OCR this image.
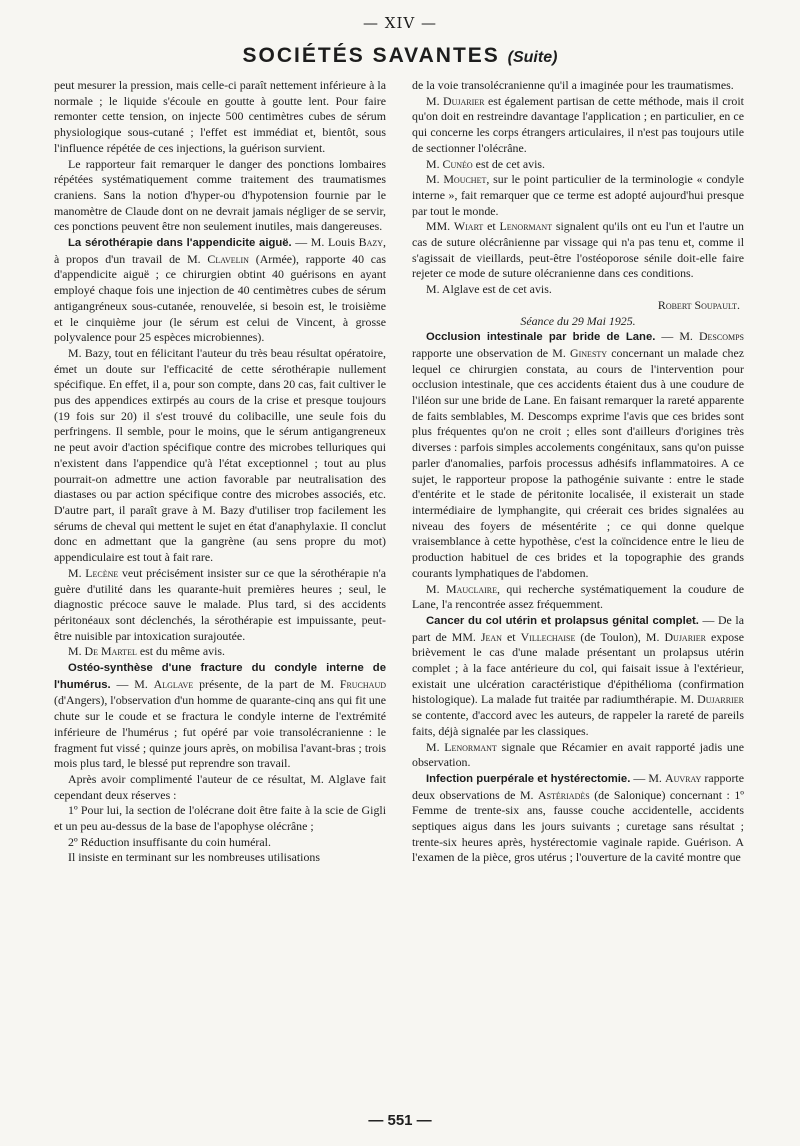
— XIV —
SOCIÉTÉS SAVANTES (Suite)

peut mesurer la pression, mais celle-ci paraît nettement inférieure à la normale ; le liquide s'écoule en goutte à goutte lent. Pour faire remonter cette tension, on injecte 500 centimètres cubes de sérum physiologique sous-cutané ; l'effet est immédiat et, bientôt, sous l'influence répétée de ces injections, la guérison survient.

Le rapporteur fait remarquer le danger des ponctions lombaires répétées systématiquement comme traitement des traumatismes craniens. Sans la notion d'hyper-ou d'hypotension fournie par le manomètre de Claude dont on ne devrait jamais négliger de se servir, ces ponctions peuvent être non seulement inutiles, mais dangereuses.

La sérothérapie dans l'appendicite aiguë. — M. Louis Bazy, à propos d'un travail de M. Clavelin (Armée), rapporte 40 cas d'appendicite aiguë ; ce chirurgien obtint 40 guérisons en ayant employé chaque fois une injection de 40 centimètres cubes de sérum antigangréneux sous-cutanée, renouvelée, si besoin est, le troisième et le cinquième jour (le sérum est celui de Vincent, à grosse polyvalence pour 25 espèces microbiennes).

M. Bazy, tout en félicitant l'auteur du très beau résultat opératoire, émet un doute sur l'efficacité de cette sérothérapie nullement spécifique. En effet, il a, pour son compte, dans 20 cas, fait cultiver le pus des appendices extirpés au cours de la crise et presque toujours (19 fois sur 20) il s'est trouvé du colibacille, une seule fois du perfringens. Il semble, pour le moins, que le sérum antigangreneux ne peut avoir d'action spécifique contre des microbes telluriques qui n'existent dans l'appendice qu'à l'état exceptionnel ; tout au plus pourrait-on admettre une action favorable par neutralisation des diastases ou par action spécifique contre des microbes associés, etc. D'autre part, il paraît grave à M. Bazy d'utiliser trop facilement les sérums de cheval qui mettent le sujet en état d'anaphylaxie. Il conclut donc en admettant que la gangrène (au sens propre du mot) appendiculaire est tout à fait rare.

M. Lecène veut précisément insister sur ce que la sérothérapie n'a guère d'utilité dans les quarante-huit premières heures ; seul, le diagnostic précoce sauve le malade. Plus tard, si des accidents péritonéaux sont déclenchés, la sérothérapie est impuissante, peut-être nuisible par intoxication surajoutée.

M. De Martel est du même avis.

Ostéo-synthèse d'une fracture du condyle interne de l'humérus. — M. Alglave présente, de la part de M. Fruchaud (d'Angers), l'observation d'un homme de quarante-cinq ans qui fit une chute sur le coude et se fractura le condyle interne de l'extrémité inférieure de l'humérus ; fut opéré par voie transolécranienne : le fragment fut vissé ; quinze jours après, on mobilisa l'avant-bras ; trois mois plus tard, le blessé put reprendre son travail.

Après avoir complimenté l'auteur de ce résultat, M. Alglave fait cependant deux réserves :

1º Pour lui, la section de l'olécrane doit être faite à la scie de Gigli et un peu au-dessus de la base de l'apophyse olécrâne ;

2º Réduction insuffisante du coin huméral.

Il insiste en terminant sur les nombreuses utilisations

de la voie transolécranienne qu'il a imaginée pour les traumatismes.

M. Dujarier est également partisan de cette méthode, mais il croit qu'on doit en restreindre davantage l'application ; en particulier, en ce qui concerne les corps étrangers articulaires, il n'est pas toujours utile de sectionner l'olécrâne.

M. Cunéo est de cet avis.

M. Mouchet, sur le point particulier de la terminologie « condyle interne », fait remarquer que ce terme est adopté aujourd'hui presque par tout le monde.

MM. Wiart et Lenormant signalent qu'ils ont eu l'un et l'autre un cas de suture olécrânienne par vissage qui n'a pas tenu et, comme il s'agissait de vieillards, peut-être l'ostéoporose sénile doit-elle faire rejeter ce mode de suture olécranienne dans ces conditions.

M. Alglave est de cet avis.

Robert Soupault.

Séance du 29 Mai 1925.

Occlusion intestinale par bride de Lane. — M. Descomps rapporte une observation de M. Ginesty concernant un malade chez lequel ce chirurgien constata, au cours de l'intervention pour occlusion intestinale, que ces accidents étaient dus à une coudure de l'iléon sur une bride de Lane. En faisant remarquer la rareté apparente de faits semblables, M. Descomps exprime l'avis que ces brides sont plus fréquentes qu'on ne croit ; elles sont d'ailleurs d'origines très diverses : parfois simples accolements congénitaux, sans qu'on puisse parler d'anomalies, parfois processus adhésifs inflammatoires. A ce sujet, le rapporteur propose la pathogénie suivante : entre le stade d'entérite et le stade de péritonite localisée, il existerait un stade intermédiaire de lymphangite, qui créerait ces brides signalées au niveau des foyers de mésentérite ; ce qui donne quelque vraisemblance à cette hypothèse, c'est la coïncidence entre le lieu de production habituel de ces brides et la topographie des grands courants lymphatiques de l'abdomen.

M. Mauclaire, qui recherche systématiquement la coudure de Lane, l'a rencontrée assez fréquemment.

Cancer du col utérin et prolapsus génital complet. — De la part de MM. Jean et Villechaise (de Toulon), M. Dujarier expose brièvement le cas d'une malade présentant un prolapsus utérin complet ; à la face antérieure du col, qui faisait issue à l'extérieur, existait une ulcération caractéristique d'épithélioma (confirmation histologique). La malade fut traitée par radiumthérapie. M. Dujarrier se contente, d'accord avec les auteurs, de rappeler la rareté de pareils faits, déjà signalée par les classiques.

M. Lenormant signale que Récamier en avait rapporté jadis une observation.

Infection puerpérale et hystérectomie. — M. Auvray rapporte deux observations de M. Astériadès (de Salonique) concernant : 1º Femme de trente-six ans, fausse couche accidentelle, accidents septiques aigus dans les jours suivants ; curetage sans résultat ; trente-six heures après, hystérectomie vaginale rapide. Guérison. A l'examen de la pièce, gros utérus ; l'ouverture de la cavité montre que

— 551 —
